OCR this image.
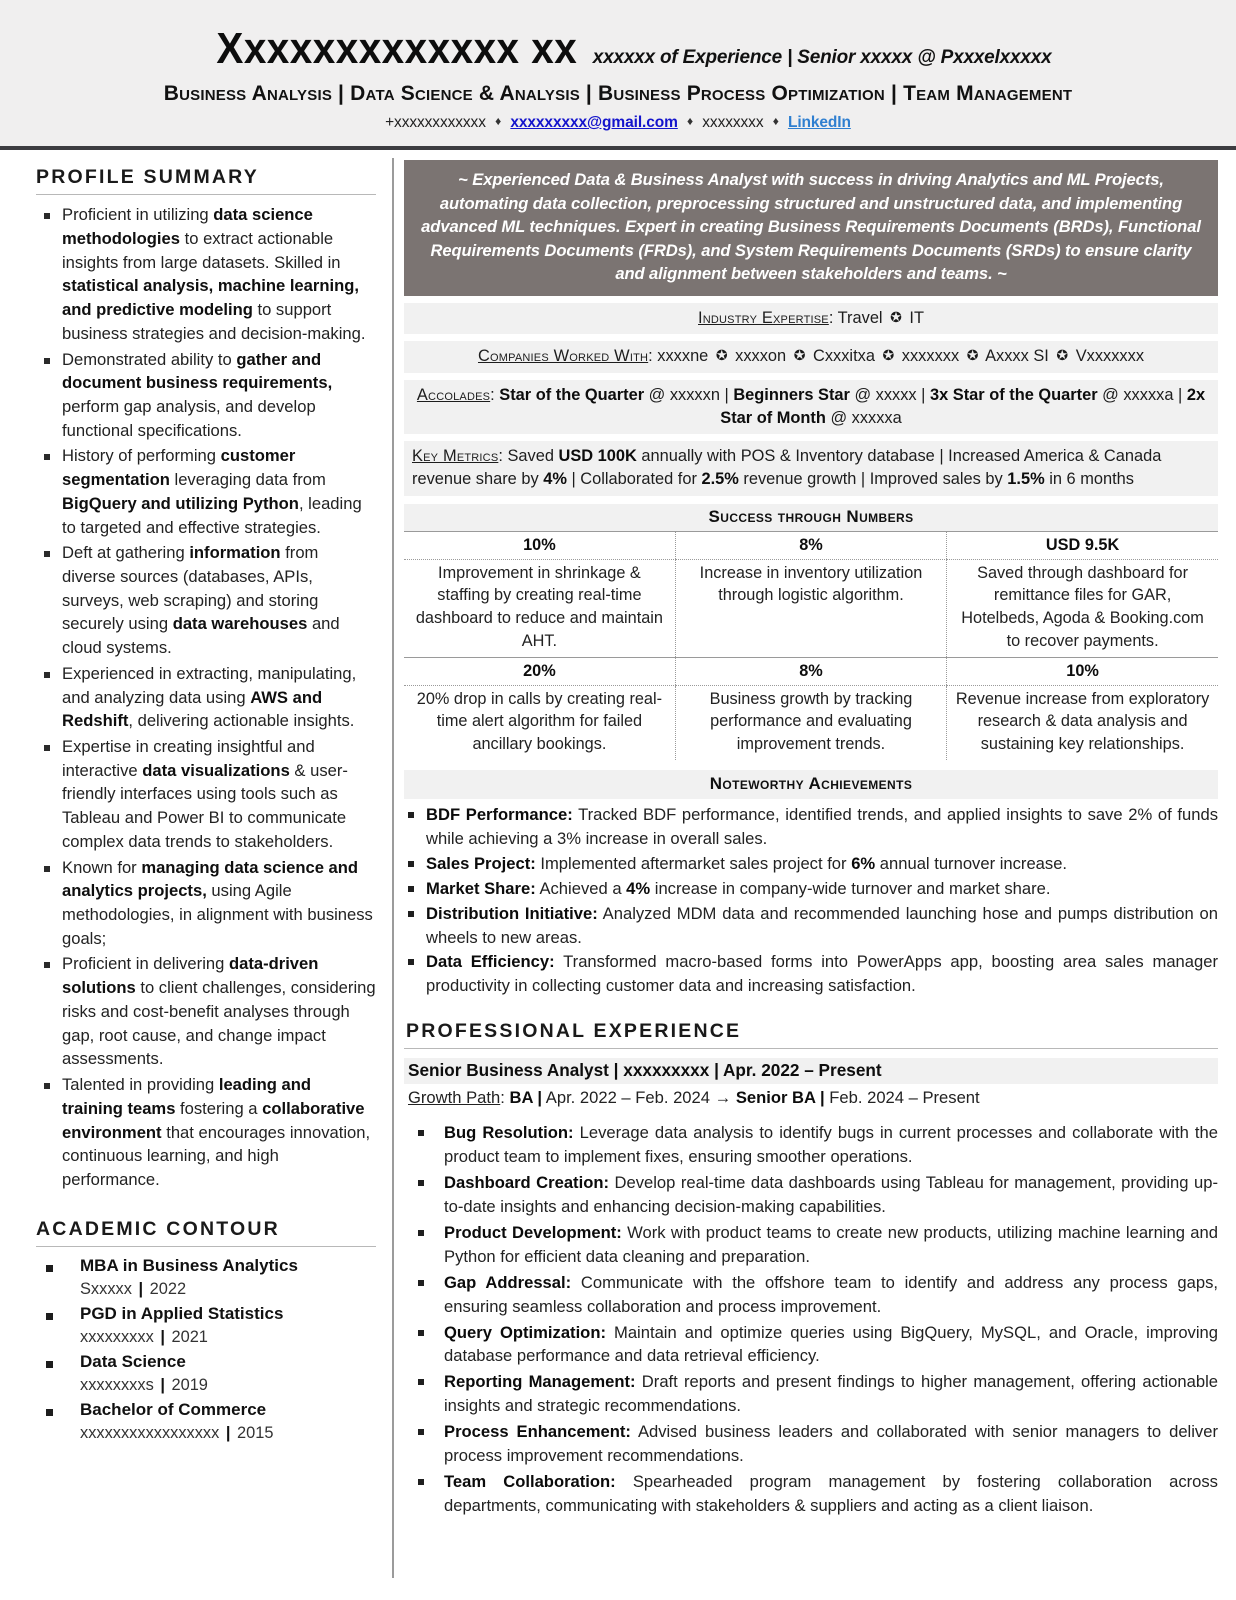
Xxxxxxxxxxxxx xx xxxxxx of Experience | Senior xxxxx @ Pxxxelxxxxx
Business Analysis | Data Science & Analysis | Business Process Optimization | Team Management
+xxxxxxxxxxxx ♦ xxxxxxxxx@gmail.com ♦ xxxxxxxx ♦ LinkedIn
PROFILE SUMMARY
Proficient in utilizing data science methodologies to extract actionable insights from large datasets. Skilled in statistical analysis, machine learning, and predictive modeling to support business strategies and decision-making.
Demonstrated ability to gather and document business requirements, perform gap analysis, and develop functional specifications.
History of performing customer segmentation leveraging data from BigQuery and utilizing Python, leading to targeted and effective strategies.
Deft at gathering information from diverse sources (databases, APIs, surveys, web scraping) and storing securely using data warehouses and cloud systems.
Experienced in extracting, manipulating, and analyzing data using AWS and Redshift, delivering actionable insights.
Expertise in creating insightful and interactive data visualizations & user-friendly interfaces using tools such as Tableau and Power BI to communicate complex data trends to stakeholders.
Known for managing data science and analytics projects, using Agile methodologies, in alignment with business goals;
Proficient in delivering data-driven solutions to client challenges, considering risks and cost-benefit analyses through gap, root cause, and change impact assessments.
Talented in providing leading and training teams fostering a collaborative environment that encourages innovation, continuous learning, and high performance.
ACADEMIC CONTOUR
MBA in Business Analytics
Sxxxxx | 2022
PGD in Applied Statistics
xxxxxxxxx | 2021
Data Science
xxxxxxxxs | 2019
Bachelor of Commerce
xxxxxxxxxxxxxxxxx | 2015
~ Experienced Data & Business Analyst with success in driving Analytics and ML Projects, automating data collection, preprocessing structured and unstructured data, and implementing advanced ML techniques. Expert in creating Business Requirements Documents (BRDs), Functional Requirements Documents (FRDs), and System Requirements Documents (SRDs) to ensure clarity and alignment between stakeholders and teams. ~
Industry Expertise: Travel ✪ IT
Companies Worked With: xxxxne ✪ xxxxon ✪ Cxxxitxa ✪ xxxxxxx ✪ Axxxx SI ✪ Vxxxxxxx
Accolades: Star of the Quarter @ xxxxxn | Beginners Star @ xxxxx | 3x Star of the Quarter @ xxxxxa | 2x Star of Month @ xxxxxa
Key Metrics: Saved USD 100K annually with POS & Inventory database | Increased America & Canada revenue share by 4% | Collaborated for 2.5% revenue growth | Improved sales by 1.5% in 6 months
Success through Numbers
10%	8%	USD 9.5K
Improvement in shrinkage & staffing by creating real-time dashboard to reduce and maintain AHT.	Increase in inventory utilization through logistic algorithm.	Saved through dashboard for remittance files for GAR, Hotelbeds, Agoda & Booking.com to recover payments.
20%	8%	10%
20% drop in calls by creating real-time alert algorithm for failed ancillary bookings.	Business growth by tracking performance and evaluating improvement trends.	Revenue increase from exploratory research & data analysis and sustaining key relationships.
Noteworthy Achievements
BDF Performance: Tracked BDF performance, identified trends, and applied insights to save 2% of funds while achieving a 3% increase in overall sales.
Sales Project: Implemented aftermarket sales project for 6% annual turnover increase.
Market Share: Achieved a 4% increase in company-wide turnover and market share.
Distribution Initiative: Analyzed MDM data and recommended launching hose and pumps distribution on wheels to new areas.
Data Efficiency: Transformed macro-based forms into PowerApps app, boosting area sales manager productivity in collecting customer data and increasing satisfaction.
PROFESSIONAL EXPERIENCE
Senior Business Analyst | xxxxxxxxx | Apr. 2022 – Present
Growth Path: BA | Apr. 2022 – Feb. 2024 → Senior BA | Feb. 2024 – Present
Bug Resolution: Leverage data analysis to identify bugs in current processes and collaborate with the product team to implement fixes, ensuring smoother operations.
Dashboard Creation: Develop real-time data dashboards using Tableau for management, providing up-to-date insights and enhancing decision-making capabilities.
Product Development: Work with product teams to create new products, utilizing machine learning and Python for efficient data cleaning and preparation.
Gap Addressal: Communicate with the offshore team to identify and address any process gaps, ensuring seamless collaboration and process improvement.
Query Optimization: Maintain and optimize queries using BigQuery, MySQL, and Oracle, improving database performance and data retrieval efficiency.
Reporting Management: Draft reports and present findings to higher management, offering actionable insights and strategic recommendations.
Process Enhancement: Advised business leaders and collaborated with senior managers to deliver process improvement recommendations.
Team Collaboration: Spearheaded program management by fostering collaboration across departments, communicating with stakeholders & suppliers and acting as a client liaison.
